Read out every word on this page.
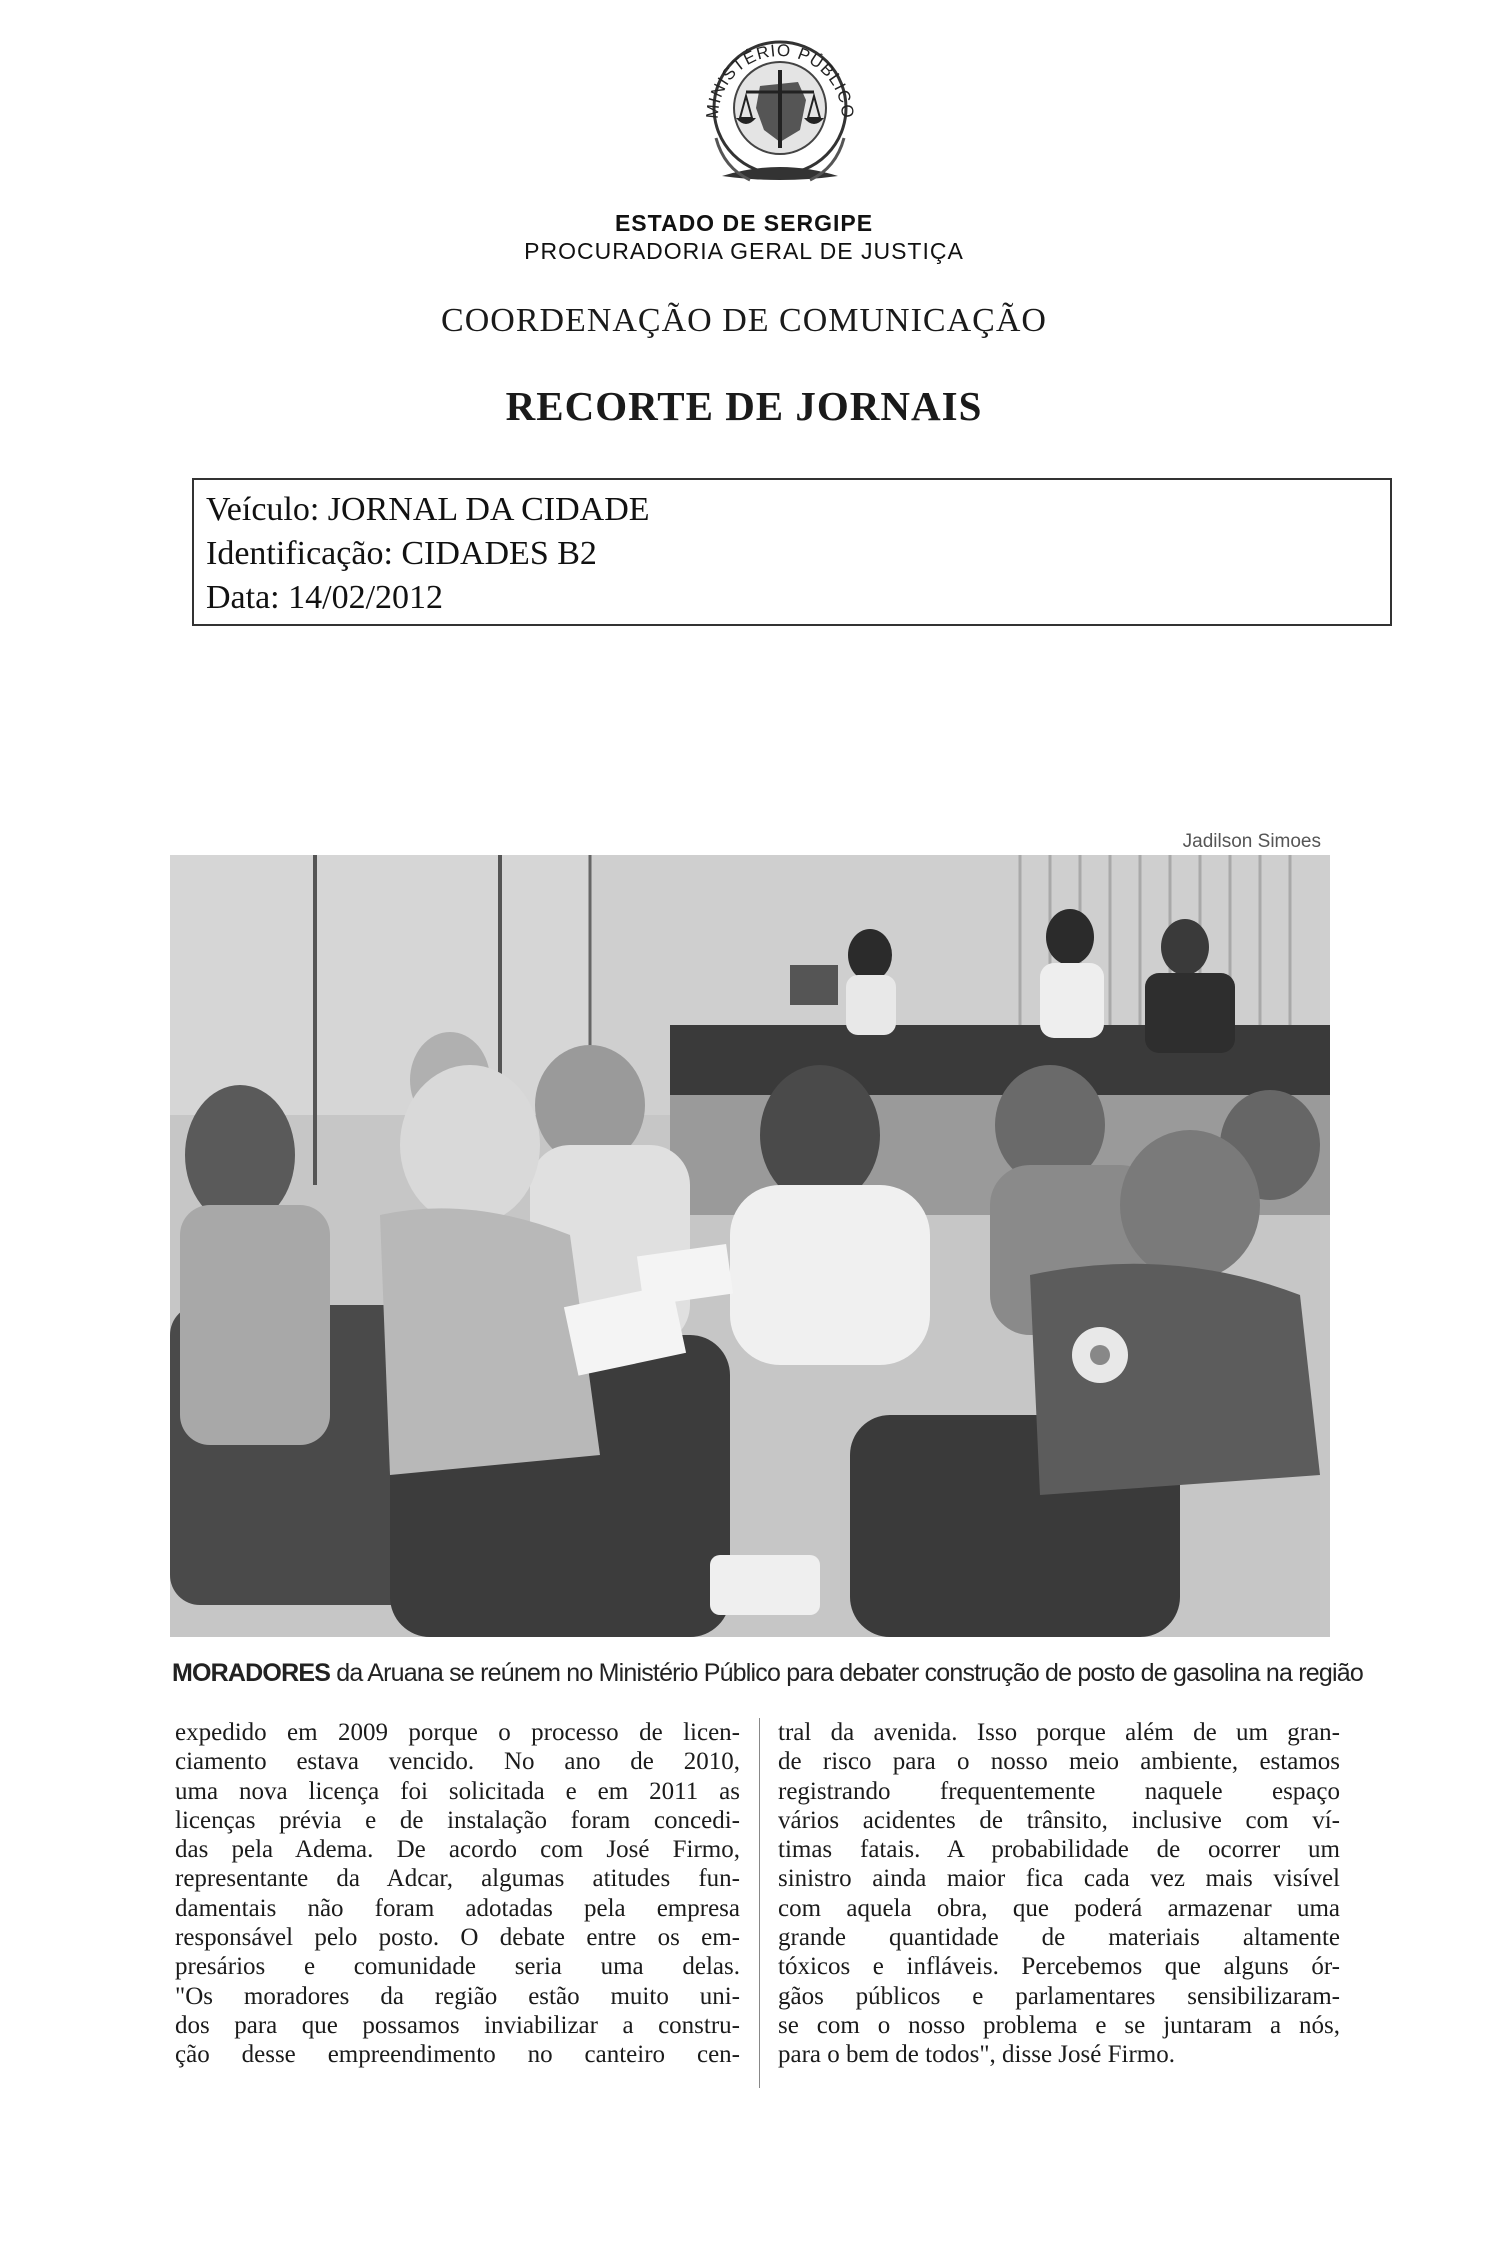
MINISTÉRIO PÚBLICO
ESTADO DE SERGIPE
PROCURADORIA GERAL DE JUSTIÇA
COORDENAÇÃO DE COMUNICAÇÃO
RECORTE DE JORNAIS
Veículo: JORNAL DA CIDADE
Identificação: CIDADES B2
Data: 14/02/2012
Jadilson Simoes
MORADORES da Aruana se reúnem no Ministério Público para debater construção de posto de gasolina na região
expedido em 2009 porque o processo de licen-
ciamento estava vencido. No ano de 2010,
uma nova licença foi solicitada e em 2011 as
licenças prévia e de instalação foram concedi-
das pela Adema. De acordo com José Firmo,
representante da Adcar, algumas atitudes fun-
damentais não foram adotadas pela empresa
responsável pelo posto. O debate entre os em-
presários e comunidade seria uma delas.
"Os moradores da região estão muito uni-
dos para que possamos inviabilizar a constru-
ção desse empreendimento no canteiro cen-
tral da avenida. Isso porque além de um gran-
de risco para o nosso meio ambiente, estamos
registrando frequentemente naquele espaço
vários acidentes de trânsito, inclusive com ví-
timas fatais. A probabilidade de ocorrer um
sinistro ainda maior fica cada vez mais visível
com aquela obra, que poderá armazenar uma
grande quantidade de materiais altamente
tóxicos e infláveis. Percebemos que alguns ór-
gãos públicos e parlamentares sensibilizaram-
se com o nosso problema e se juntaram a nós,
para o bem de todos", disse José Firmo.
